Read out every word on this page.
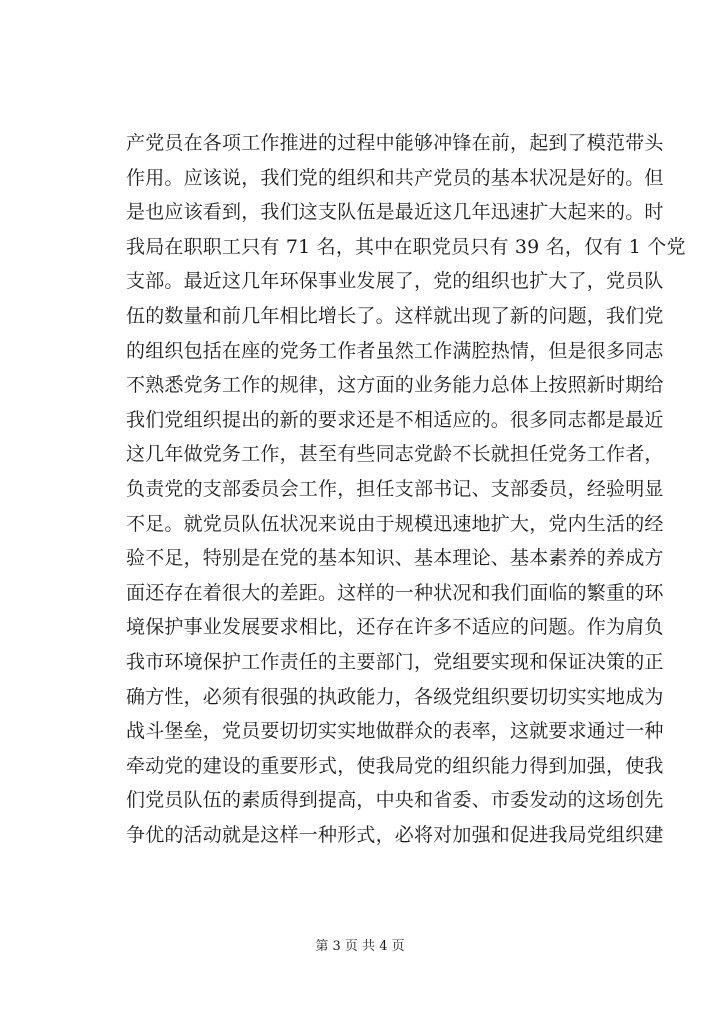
产党员在各项工作推进的过程中能够冲锋在前，起到了模范带头
作用。应该说，我们党的组织和共产党员的基本状况是好的。但
是也应该看到，我们这支队伍是最近这几年迅速扩大起来的。时
我局在职职工只有 71 名，其中在职党员只有 39 名，仅有 1 个党
支部。最近这几年环保事业发展了，党的组织也扩大了，党员队
伍的数量和前几年相比增长了。这样就出现了新的问题，我们党
的组织包括在座的党务工作者虽然工作满腔热情，但是很多同志
不熟悉党务工作的规律，这方面的业务能力总体上按照新时期给
我们党组织提出的新的要求还是不相适应的。很多同志都是最近
这几年做党务工作，甚至有些同志党龄不长就担任党务工作者，
负责党的支部委员会工作，担任支部书记、支部委员，经验明显
不足。就党员队伍状况来说由于规模迅速地扩大，党内生活的经
验不足，特别是在党的基本知识、基本理论、基本素养的养成方
面还存在着很大的差距。这样的一种状况和我们面临的繁重的环
境保护事业发展要求相比，还存在许多不适应的问题。作为肩负
我市环境保护工作责任的主要部门，党组要实现和保证决策的正
确方性，必须有很强的执政能力，各级党组织要切切实实地成为
战斗堡垒，党员要切切实实地做群众的表率，这就要求通过一种
牵动党的建设的重要形式，使我局党的组织能力得到加强，使我
们党员队伍的素质得到提高，中央和省委、市委发动的这场创先
争优的活动就是这样一种形式，必将对加强和促进我局党组织建
第 3 页 共 4 页
